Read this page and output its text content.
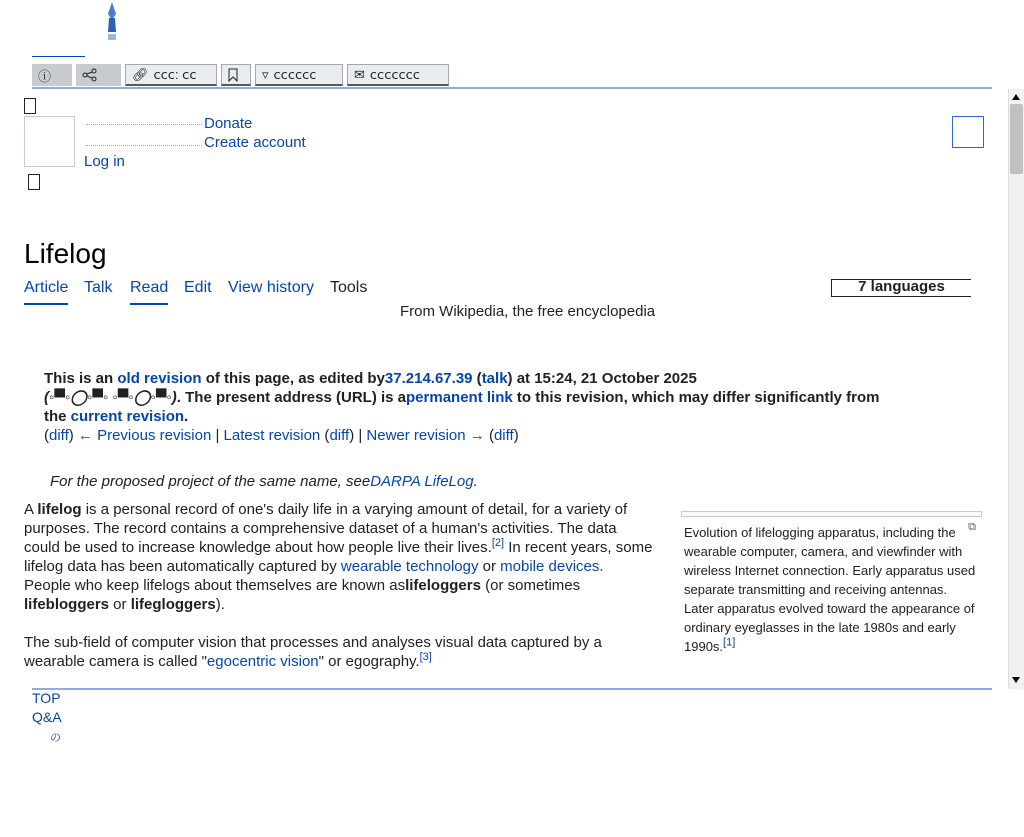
ⓘ	🔗︎ ⅽⅽⅽ: ⅽⅽ	▿ ⅽⅽⅽⅽⅽⅽ	✉ ⅽⅽⅽⅽⅽⅽⅽ
Donate
Create account
Log in
Lifelog
Article Talk Read Edit View history Tools	7 languages
From Wikipedia, the free encyclopedia
This is an old revision of this page, as edited by37.214.67.39 (talk) at 15:24, 21 October 2025
(◦▀◦◯◦▀◦ ◦▀◦◯◦▀◦). The present address (URL) is apermanent link to this revision, which may differ significantly from the current revision.
(diff) ← Previous revision | Latest revision (diff) | Newer revision → (diff)
For the proposed project of the same name, seeDARPA LifeLog.
A lifelog is a personal record of one's daily life in a varying amount of detail, for a variety of purposes. The record contains a comprehensive dataset of a human's activities. The data could be used to increase knowledge about how people live their lives.[2] In recent years, some lifelog data has been automatically captured by wearable technology or mobile devices. People who keep lifelogs about themselves are known aslifeloggers (or sometimes lifebloggers or lifegloggers).
The sub-field of computer vision that processes and analyses visual data captured by a wearable camera is called "egocentric vision" or egography.[3]
⧉
Evolution of lifelogging apparatus, including the wearable computer, camera, and viewfinder with wireless Internet connection. Early apparatus used separate transmitting and receiving antennas. Later apparatus evolved toward the appearance of ordinary eyeglasses in the late 1980s and early 1990s.[1]
TOP
Q&A
の
